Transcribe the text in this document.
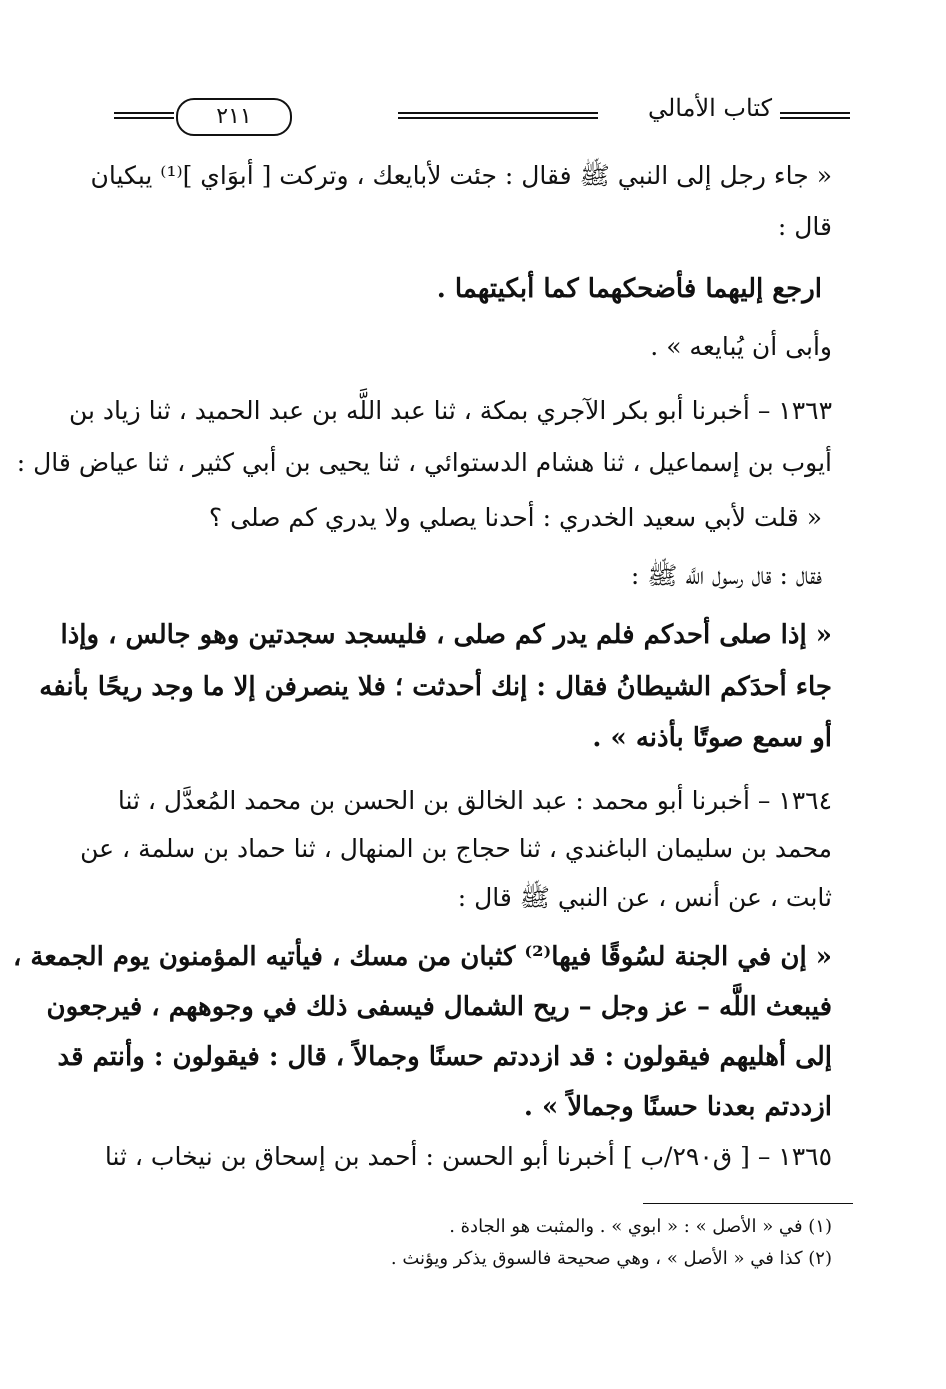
كتاب الأمالي
٢١١
« جاء رجل إلى النبي ﷺ فقال : جئت لأبايعك ، وتركت [ أبوَاي ]⁽¹⁾ يبكيان
قال :
ارجع إليهما فأضحكهما كما أبكيتهما .
وأبى أن يُبايعه » .
١٣٦٣ – أخبرنا أبو بكر الآجري بمكة ، ثنا عبد اللَّه بن عبد الحميد ، ثنا زياد بن
أيوب بن إسماعيل ، ثنا هشام الدستوائي ، ثنا يحيى بن أبي كثير ، ثنا عياض قال :
« قلت لأبي سعيد الخدري : أحدنا يصلي ولا يدري كم صلى ؟
فقال : قال رسول اللَّه ﷺ :
« إذا صلى أحدكم فلم يدر كم صلى ، فليسجد سجدتين وهو جالس ، وإذا
جاء أحدَكم الشيطانُ فقال : إنك أحدثت ؛ فلا ينصرفن إلا ما وجد ريحًا بأنفه
أو سمع صوتًا بأذنه » .
١٣٦٤ – أخبرنا أبو محمد : عبد الخالق بن الحسن بن محمد المُعدَّل ، ثنا
محمد بن سليمان الباغندي ، ثنا حجاج بن المنهال ، ثنا حماد بن سلمة ، عن
ثابت ، عن أنس ، عن النبي ﷺ قال :
« إن في الجنة لسُوقًا فيها⁽²⁾ كثبان من مسك ، فيأتيه المؤمنون يوم الجمعة ،
فيبعث اللَّه – عز وجل – ريح الشمال فيسفى ذلك في وجوههم ، فيرجعون
إلى أهليهم فيقولون : قد ازددتم حسنًا وجمالاً ، قال : فيقولون : وأنتم قد
ازددتم بعدنا حسنًا وجمالاً » .
١٣٦٥ – [ ق٢٩٠/ب ] أخبرنا أبو الحسن : أحمد بن إسحاق بن نيخاب ، ثنا
(١) في « الأصل » : « ابوي » . والمثبت هو الجادة .
(٢) كذا في « الأصل » ، وهي صحيحة فالسوق يذكر ويؤنث .
